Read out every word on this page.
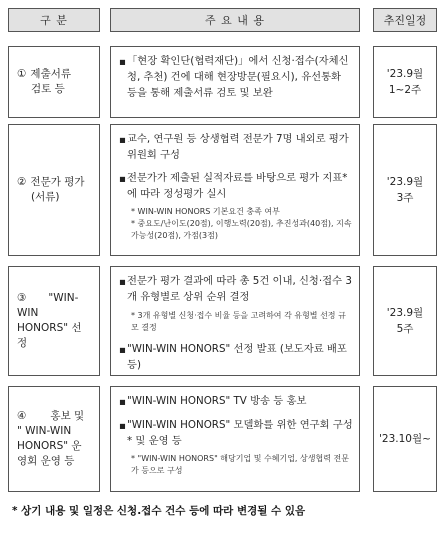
구 분	주 요 내 용	추진일정
① 제출서류
검토 등
▪ 「현장 확인단(협력재단)」에서 신청·접수(자체신청, 추천) 건에 대해 현장방문(필요시), 유선통화 등을 통해 제출서류 검토 및 보완
'23.9월
1~2주
② 전문가 평가
(서류)
▪ 교수, 연구원 등 상생협력 전문가 7명 내외로 평가위원회 구성
▪ 전문가가 제출된 실적자료를 바탕으로 평가 지표*에 따라 정성평가 실시
* WIN-WIN HONORS 기본요건 충족 여부
* 중요도/난이도(20점), 이행노력(20점), 추진성과(40점), 지속가능성(20점), 가점(3점)
'23.9월
3주
③ "WIN-WIN
HONORS" 선
정
▪ 전문가 평가 결과에 따라 총 5건 이내, 신청·접수 3개 유형별로 상위 순위 결정
* 3개 유형별 신청·접수 비율 등을 고려하여 각 유형별 선정 규모 결정
▪ "WIN-WIN HONORS" 선정 발표 (보도자료 배포 등)
'23.9월
5주
④ 홍보 및
" WIN-WIN
HONORS" 운
영회 운영 등
▪ "WIN-WIN HONORS" TV 방송 등 홍보
▪ "WIN-WIN HONORS" 모델화를 위한 연구회 구성* 및 운영 등
* "WIN-WIN HONORS" 해당기업 및 수혜기업, 상생협력 전문가 등으로 구성
'23.10월~
* 상기 내용 및 일정은 신청.접수 건수 등에 따라 변경될 수 있음
